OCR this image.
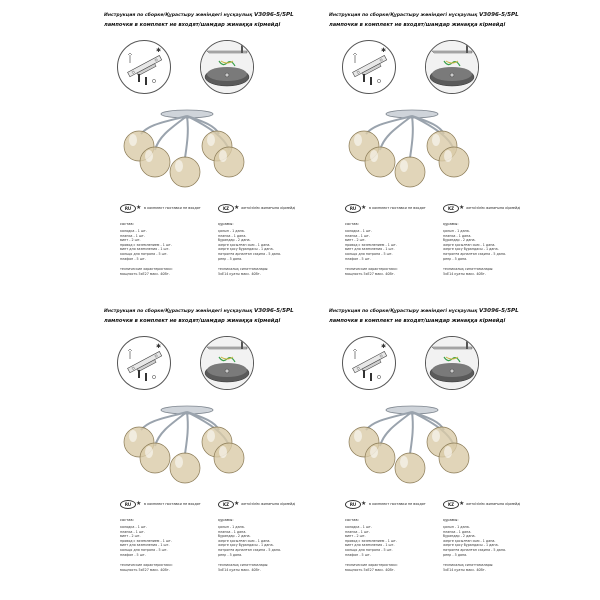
Инструкция по сборке/Құрастыру жөніндегі нұсқаулық V3096-5/5PL
лампочки в комплект не входят/шамдар жинаққа кірмейді
✱
RU ★ в комплект поставки не входят	KZ ★ жеткізілім жинағына кірмейді
состав:
колодка - 1 шт.
планка - 1 шт.
винт - 2 шт.
провод с заземлением - 1 шт.
винт для заземления - 1 шт.
кольцо для патрона - 5 шт.
плафон - 5 шт.
технические характеристики:
мощность 5xE27 макс. 40Вт.
құрамы:
қалып - 1 дана.
планка - 1 дана.
бұрандар - 2 дана.
жерге қосылған сым - 1 дана.
жерге қосу бұрандасы - 1 дана.
патронға арналған сақина - 5 дана.
реңк - 5 дана.
техникалық сипаттамалары:
5xE14 қуаты макс. 40Вт.
Инструкция по сборке/Құрастыру жөніндегі нұсқаулық V3096-5/5PL
лампочки в комплект не входят/шамдар жинаққа кірмейді
✱
RU ★ в комплект поставки не входят	KZ ★ жеткізілім жинағына кірмейді
состав:
колодка - 1 шт.
планка - 1 шт.
винт - 2 шт.
провод с заземлением - 1 шт.
винт для заземления - 1 шт.
кольцо для патрона - 5 шт.
плафон - 5 шт.
технические характеристики:
мощность 5xE27 макс. 40Вт.
құрамы:
қалып - 1 дана.
планка - 1 дана.
бұрандар - 2 дана.
жерге қосылған сым - 1 дана.
жерге қосу бұрандасы - 1 дана.
патронға арналған сақина - 5 дана.
реңк - 5 дана.
техникалық сипаттамалары:
5xE14 қуаты макс. 40Вт.
Инструкция по сборке/Құрастыру жөніндегі нұсқаулық V3096-5/5PL
лампочки в комплект не входят/шамдар жинаққа кірмейді
✱
RU ★ в комплект поставки не входят	KZ ★ жеткізілім жинағына кірмейді
состав:
колодка - 1 шт.
планка - 1 шт.
винт - 2 шт.
провод с заземлением - 1 шт.
винт для заземления - 1 шт.
кольцо для патрона - 5 шт.
плафон - 5 шт.
технические характеристики:
мощность 5xE27 макс. 40Вт.
құрамы:
қалып - 1 дана.
планка - 1 дана.
бұрандар - 2 дана.
жерге қосылған сым - 1 дана.
жерге қосу бұрандасы - 1 дана.
патронға арналған сақина - 5 дана.
реңк - 5 дана.
техникалық сипаттамалары:
5xE14 қуаты макс. 40Вт.
Инструкция по сборке/Құрастыру жөніндегі нұсқаулық V3096-5/5PL
лампочки в комплект не входят/шамдар жинаққа кірмейді
✱
RU ★ в комплект поставки не входят	KZ ★ жеткізілім жинағына кірмейді
состав:
колодка - 1 шт.
планка - 1 шт.
винт - 2 шт.
провод с заземлением - 1 шт.
винт для заземления - 1 шт.
кольцо для патрона - 5 шт.
плафон - 5 шт.
технические характеристики:
мощность 5xE27 макс. 40Вт.
құрамы:
қалып - 1 дана.
планка - 1 дана.
бұрандар - 2 дана.
жерге қосылған сым - 1 дана.
жерге қосу бұрандасы - 1 дана.
патронға арналған сақина - 5 дана.
реңк - 5 дана.
техникалық сипаттамалары:
5xE14 қуаты макс. 40Вт.
